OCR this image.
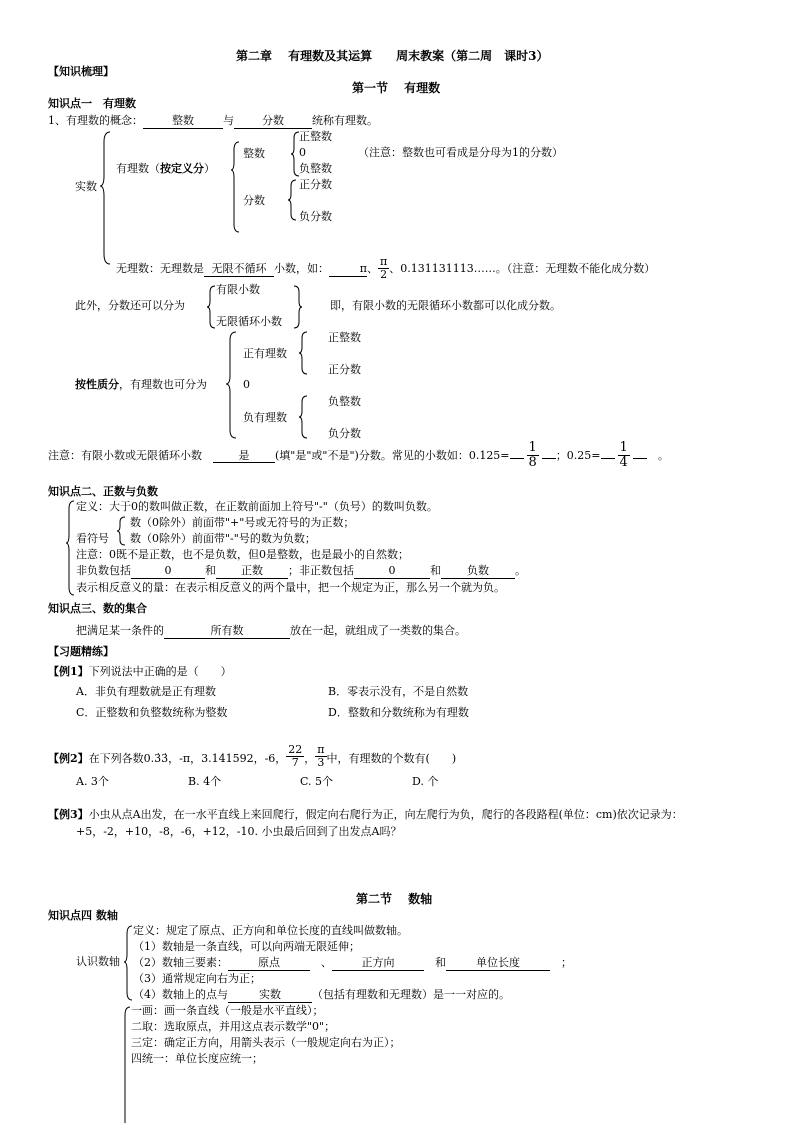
第二章　 有理数及其运算　　周末教案（第二周　课时3）
【知识梳理】
第一节　 有理数
知识点一　有理数
1、有理数的概念：	整数	与	分数	统称有理数。
实数
有理数（按定义分）
整数
正整数
0
负整数
（注意：整数也可看成是分母为1的分数）
分数
正分数
负分数
无理数：无理数是 无限不循环 小数，如：	π、 $\frac{\pi}{2}$ 、0.131131113……。（注意：无理数不能化成分数）
此外，分数还可以分为
有限小数
无限循环小数
即，有限小数的无限循环小数都可以化成分数。
按性质分，有理数也可分为
正有理数
正整数
正分数
0
负有理数
负整数
负分数
注意：有限小数或无限循环小数　	是 (填"是"或"不是")分数。常见的小数如：$0.125= \frac{1}{8}$ ；$0.25= \frac{1}{4}$
　	。
知识点二、正数与负数
定义：大于0的数叫做正数，在正数前面加上符号"-"（负号）的数叫负数。
看符号
数（0除外）前面带"+"号或无符号的为正数；
数（0除外）前面带"-"号的数为负数；
注意：0既不是正数，也不是负数，但0是整数，也是最小的自然数；
非负数包括	0	和 正数 ；非正数包括	0	和 负数 。
表示相反意义的量：在表示相反意义的两个量中，把一个规定为正，那么另一个就为负。
知识点三、数的集合
把满足某一条件的	所有数	放在一起，就组成了一类数的集合。
【习题精练】
【例1】下列说法中正确的是（　　）
A．非负有理数就是正有理数	B．零表示没有，不是自然数
C．正整数和负整数统称为整数	D．整数和分数统称为有理数
【例2】在下列各数0.3̇3̇，-π，3.141592，-6， $\frac{22}{7}$ ， $\frac{\pi}{3}$ 中，有理数的个数有(　　)
A. 3个	B. 4个	C. 5个	D. 个
【例3】小虫从点A出发，在一水平直线上来回爬行，假定向右爬行为正，向左爬行为负，爬行的各段路程(单位：cm)依次记录为：
+5，-2，+10，-8，-6，+12，-10. 小虫最后回到了出发点A吗？
第二节　 数轴
知识点四 数轴
认识数轴
定义：规定了原点、正方向和单位长度的直线叫做数轴。
（1）数轴是一条直线，可以向两端无限延伸；
（2）数轴三要素：	原点　	、	正方向　	和	单位长度　	；
（3）通常规定向右为正；
（4）数轴上的点与	实数	（包括有理数和无理数）是一一对应的。
一画：画一条直线（一般是水平直线）；
二取：选取原点，并用这点表示数学"0"；
三定：确定正方向，用箭头表示（一般规定向右为正）；
四统一：单位长度应统一；
